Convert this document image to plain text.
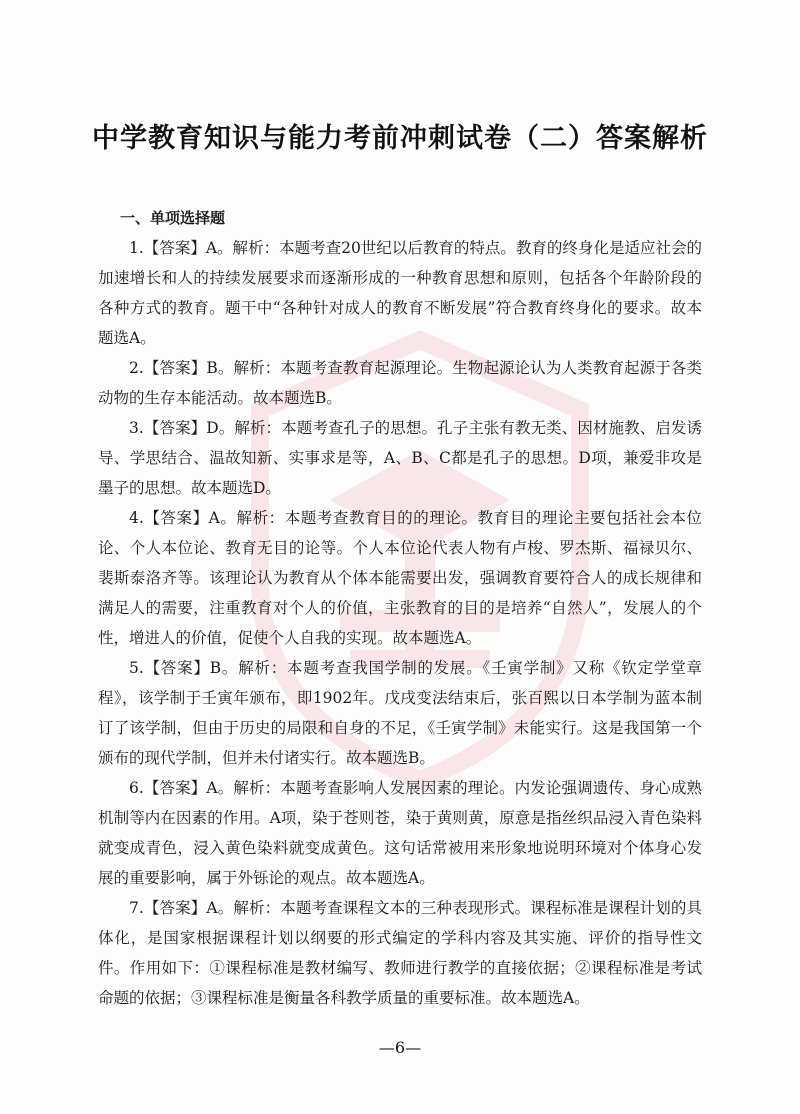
中学教育知识与能力考前冲刺试卷（二）答案解析

一、单项选择题

1.【答案】A。解析：本题考查20世纪以后教育的特点。教育的终身化是适应社会的加速增长和人的持续发展要求而逐渐形成的一种教育思想和原则，包括各个年龄阶段的各种方式的教育。题干中“各种针对成人的教育不断发展”符合教育终身化的要求。故本题选A。

2.【答案】B。解析：本题考查教育起源理论。生物起源论认为人类教育起源于各类动物的生存本能活动。故本题选B。

3.【答案】D。解析：本题考查孔子的思想。孔子主张有教无类、因材施教、启发诱导、学思结合、温故知新、实事求是等，A、B、C都是孔子的思想。D项，兼爱非攻是墨子的思想。故本题选D。

4.【答案】A。解析：本题考查教育目的的理论。教育目的理论主要包括社会本位论、个人本位论、教育无目的论等。个人本位论代表人物有卢梭、罗杰斯、福禄贝尔、裴斯泰洛齐等。该理论认为教育从个体本能需要出发，强调教育要符合人的成长规律和满足人的需要，注重教育对个人的价值，主张教育的目的是培养“自然人”，发展人的个性，增进人的价值，促使个人自我的实现。故本题选A。

5.【答案】B。解析：本题考查我国学制的发展。《壬寅学制》又称《钦定学堂章程》，该学制于壬寅年颁布，即1902年。戊戌变法结束后，张百熙以日本学制为蓝本制订了该学制，但由于历史的局限和自身的不足，《壬寅学制》未能实行。这是我国第一个颁布的现代学制，但并未付诸实行。故本题选B。

6.【答案】A。解析：本题考查影响人发展因素的理论。内发论强调遗传、身心成熟机制等内在因素的作用。A项，染于苍则苍，染于黄则黄，原意是指丝织品浸入青色染料就变成青色，浸入黄色染料就变成黄色。这句话常被用来形象地说明环境对个体身心发展的重要影响，属于外铄论的观点。故本题选A。

7.【答案】A。解析：本题考查课程文本的三种表现形式。课程标准是课程计划的具体化，是国家根据课程计划以纲要的形式编定的学科内容及其实施、评价的指导性文件。作用如下：①课程标准是教材编写、教师进行教学的直接依据；②课程标准是考试命题的依据；③课程标准是衡量各科教学质量的重要标准。故本题选A。

—6—
